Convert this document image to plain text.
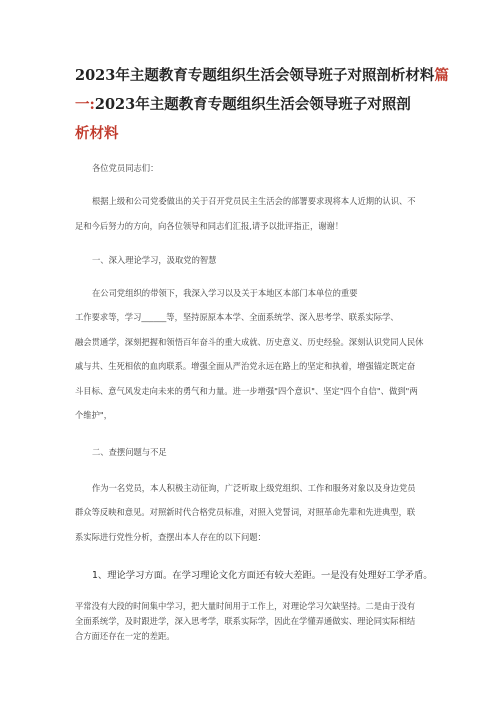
2023年主题教育专题组织生活会领导班子对照剖析材料篇
一:2023年主题教育专题组织生活会领导班子对照剖
析材料
各位党员同志们：
根据上级和公司党委做出的关于召开党员民主生活会的部署要求现将本人近期的认识、不
足和今后努力的方向，向各位领导和同志们汇报,请予以批评指正，谢谢！
一、深入理论学习，汲取党的智慧
在公司党组织的带领下，我深入学习以及关于本地区本部门本单位的重要
工作要求等，学习______等，坚持原原本本学、全面系统学、深入思考学、联系实际学、
融会贯通学，深刻把握和领悟百年奋斗的重大成就、历史意义、历史经验。深刻认识党同人民休
戚与共、生死相依的血肉联系。增强全面从严治党永远在路上的坚定和执着，增强锚定既定奋
斗目标、意气风发走向未来的勇气和力量。进一步增强"四个意识"、坚定"四个自信"、做到"两
个维护"，
二、查摆问题与不足
作为一名党员，本人积极主动征询，广泛听取上级党组织、工作和服务对象以及身边党员
群众等反映和意见。对照新时代合格党员标准，对照入党誓词，对照革命先辈和先进典型，联
系实际进行党性分析，查摆出本人存在的以下问题：
1、理论学习方面。在学习理论文化方面还有较大差距。一是没有处理好工学矛盾。
平常没有大段的时间集中学习，把大量时间用于工作上，对理论学习欠缺坚持。二是由于没有
全面系统学，及时跟进学，深入思考学，联系实际学，因此在学懂弄通做实、理论同实际相结
合方面还存在一定的差距。
